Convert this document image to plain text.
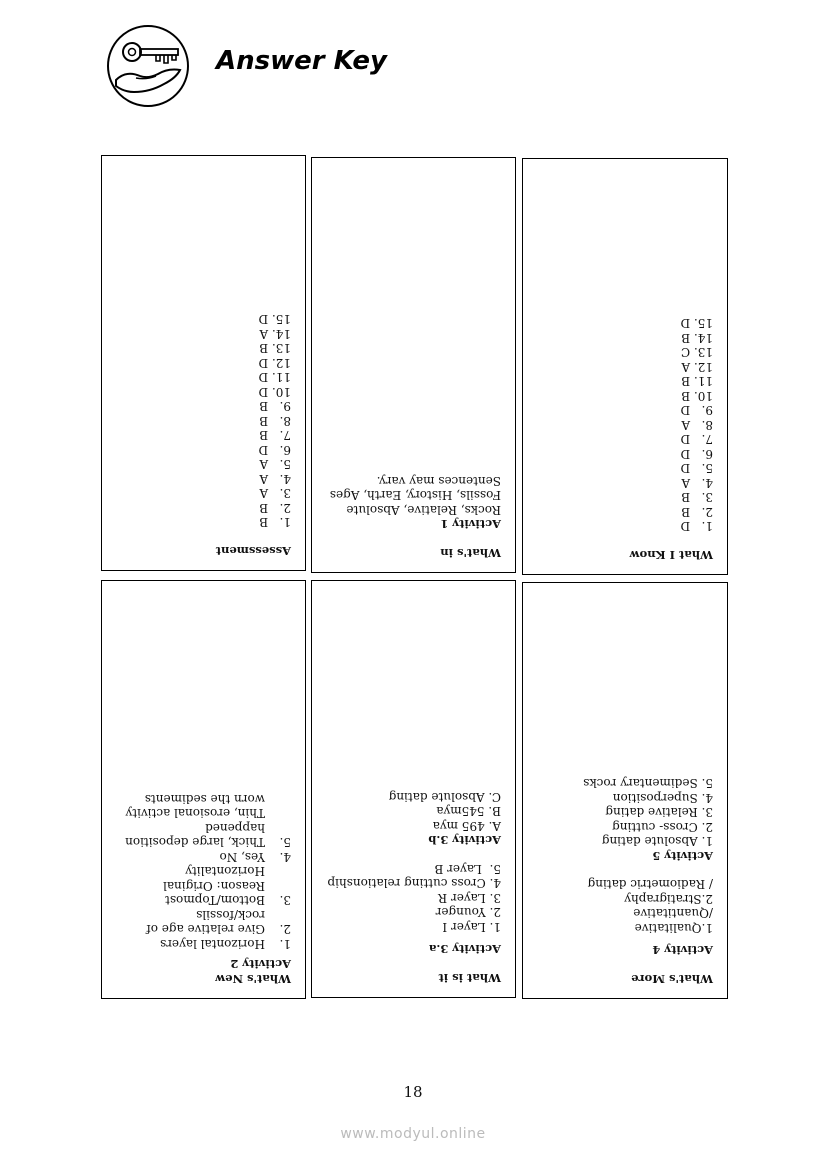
Answer Key
What I Know
1.   D
2.   B
3.   B
4.   A
5.   D
6.   D
7.   D
8.   A
9.   D
10. B
11. B
12. A
13. C
14. B
15. D
What's in
Activity 1
Rocks, Relative, Absolute
Fossils, History, Earth, Ages
Sentences may vary.
Assessment
1.   B
2.   B
3.   A
4.   A
5.   A
6.   D
7.   B
8.   B
9.   B
10. D
11. D
12. D
13. B
14. A
15. D
What's More
Activity 4
1.Qualitative
/Quantitative
2.Stratigraphy
/ Radiometric dating
Activity 5
1. Absolute dating
2. Cross- cutting
3. Relative dating
4. Superposition
5. Sedimentary rocks
What is it
Activity 3.a
1. Layer I
2. Younger
3. Layer R
4. Cross cutting relationship
5.  Layer B
Activity 3.b
A. 495 mya
B. 545mya
C. Absolute dating
What's New
Activity 2
1.
Horizontal layers
2.
Give relative age of
rock/fossils
3.
Bottom/Topmost
Reason: Original
Horizontality
4.
Yes, No
5.
Thick, large deposition
happened
Thin, erosional activity
worn the sediments
18
www.modyul.online
